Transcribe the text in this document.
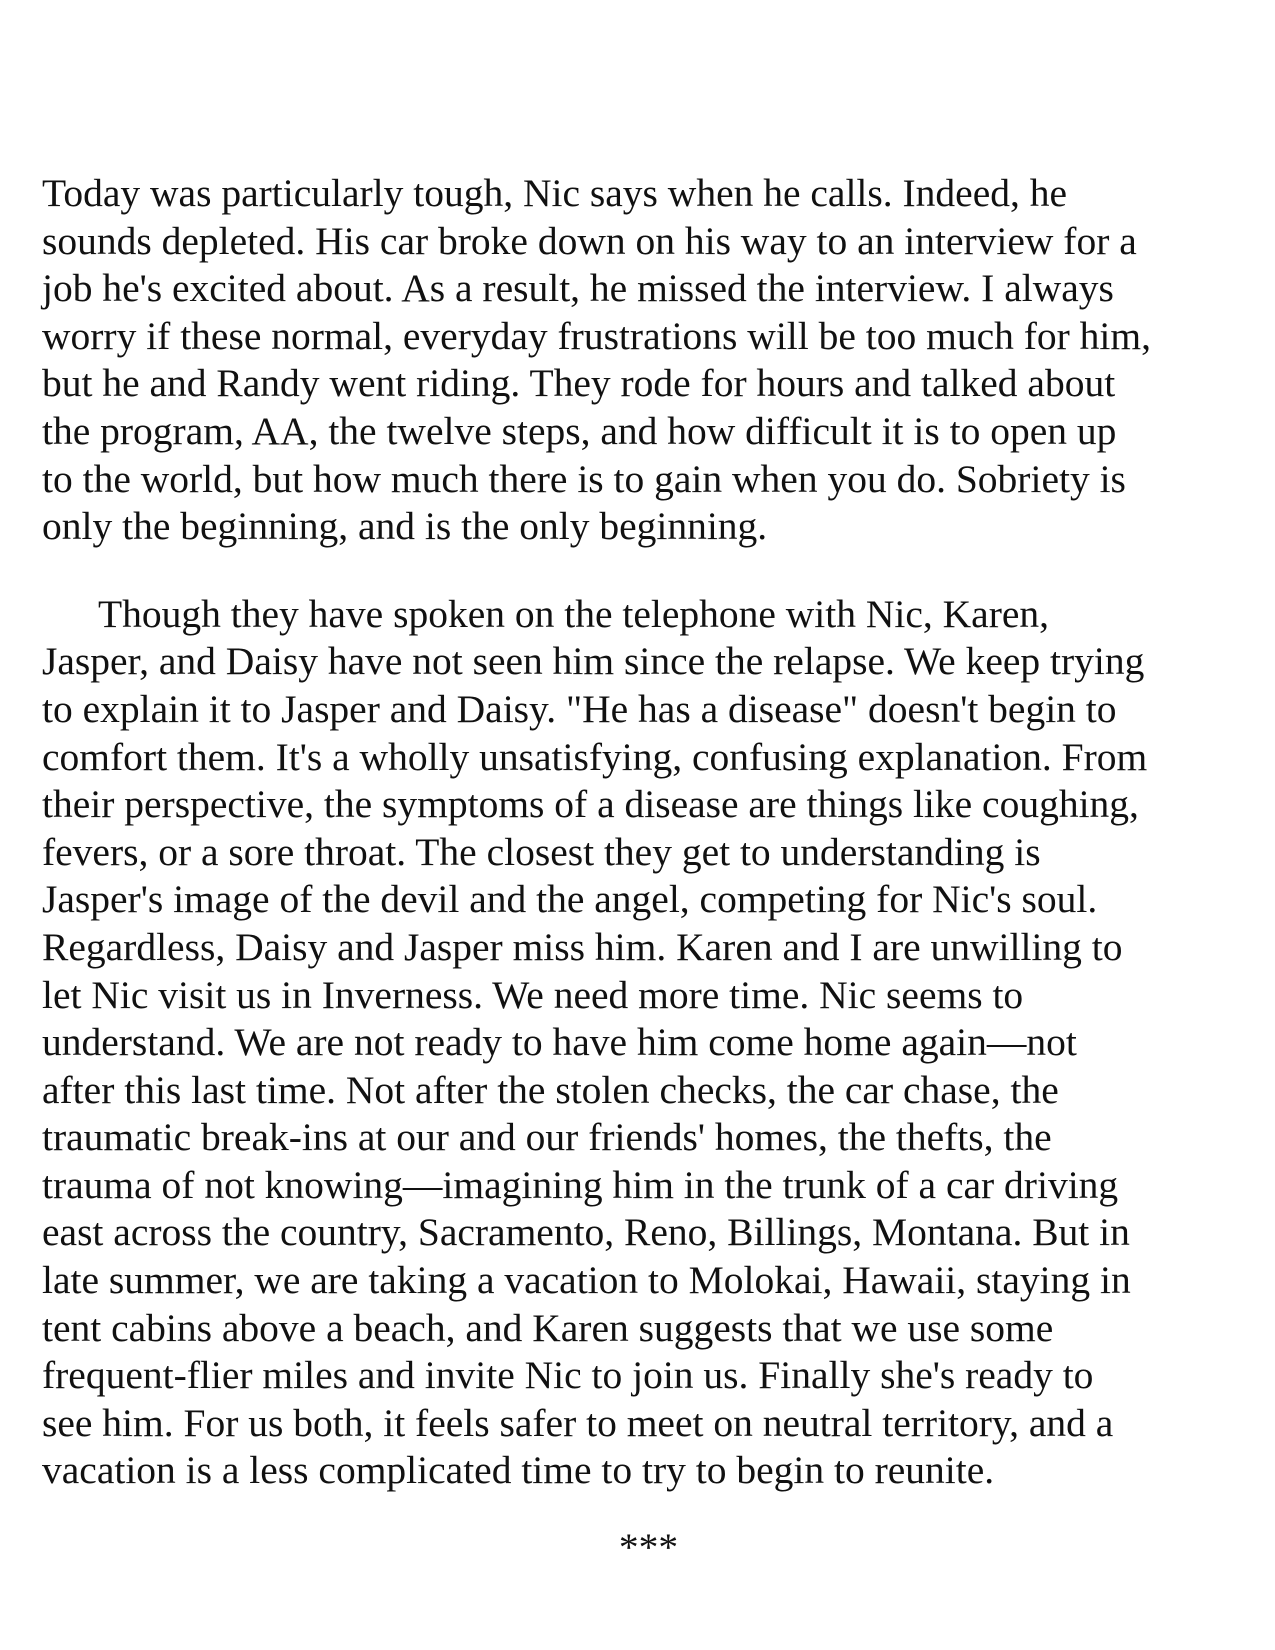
Today was particularly tough, Nic says when he calls. Indeed, he
sounds depleted. His car broke down on his way to an interview for a
job he's excited about. As a result, he missed the interview. I always
worry if these normal, everyday frustrations will be too much for him,
but he and Randy went riding. They rode for hours and talked about
the program, AA, the twelve steps, and how difficult it is to open up
to the world, but how much there is to gain when you do. Sobriety is
only the beginning, and is the only beginning.
Though they have spoken on the telephone with Nic, Karen,
Jasper, and Daisy have not seen him since the relapse. We keep trying
to explain it to Jasper and Daisy. "He has a disease" doesn't begin to
comfort them. It's a wholly unsatisfying, confusing explanation. From
their perspective, the symptoms of a disease are things like coughing,
fevers, or a sore throat. The closest they get to understanding is
Jasper's image of the devil and the angel, competing for Nic's soul.
Regardless, Daisy and Jasper miss him. Karen and I are unwilling to
let Nic visit us in Inverness. We need more time. Nic seems to
understand. We are not ready to have him come home again—not
after this last time. Not after the stolen checks, the car chase, the
traumatic break-ins at our and our friends' homes, the thefts, the
trauma of not knowing—imagining him in the trunk of a car driving
east across the country, Sacramento, Reno, Billings, Montana. But in
late summer, we are taking a vacation to Molokai, Hawaii, staying in
tent cabins above a beach, and Karen suggests that we use some
frequent-flier miles and invite Nic to join us. Finally she's ready to
see him. For us both, it feels safer to meet on neutral territory, and a
vacation is a less complicated time to try to begin to reunite.
***
